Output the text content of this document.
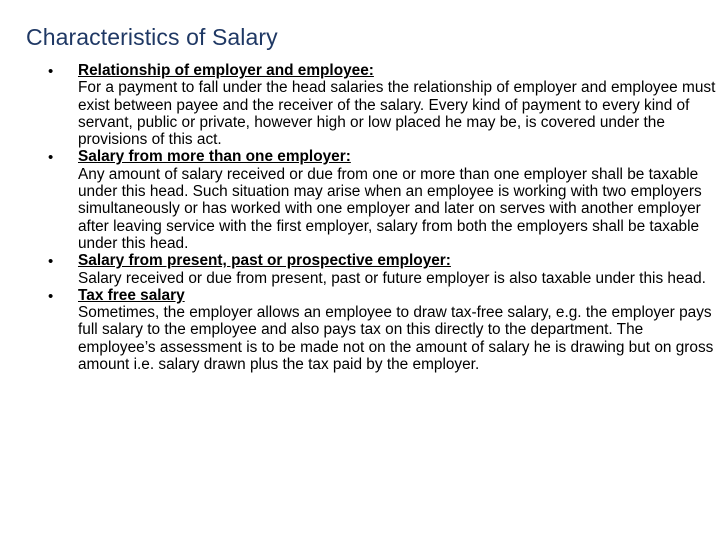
Characteristics of Salary
• Relationship of employer and employee:
For a payment to fall under the head salaries the relationship of employer and employee must exist between payee and the receiver of the salary. Every kind of payment to every kind of servant, public or private, however high or low placed he may be, is covered under the provisions of this act.
• Salary from more than one employer:
Any amount of salary received or due from one or more than one employer shall be taxable under this head. Such situation may arise when an employee is working with two employers simultaneously or has worked with one employer and later on serves with another employer after leaving service with the first employer, salary from both the employers shall be taxable under this head.
• Salary from present, past or prospective employer:
Salary received or due from present, past or future employer is also taxable under this head.
• Tax free salary
Sometimes, the employer allows an employee to draw tax-free salary, e.g. the employer pays full salary to the employee and also pays tax on this directly to the department. The employee’s assessment is to be made not on the amount of salary he is drawing but on gross amount i.e. salary drawn plus the tax paid by the employer.
